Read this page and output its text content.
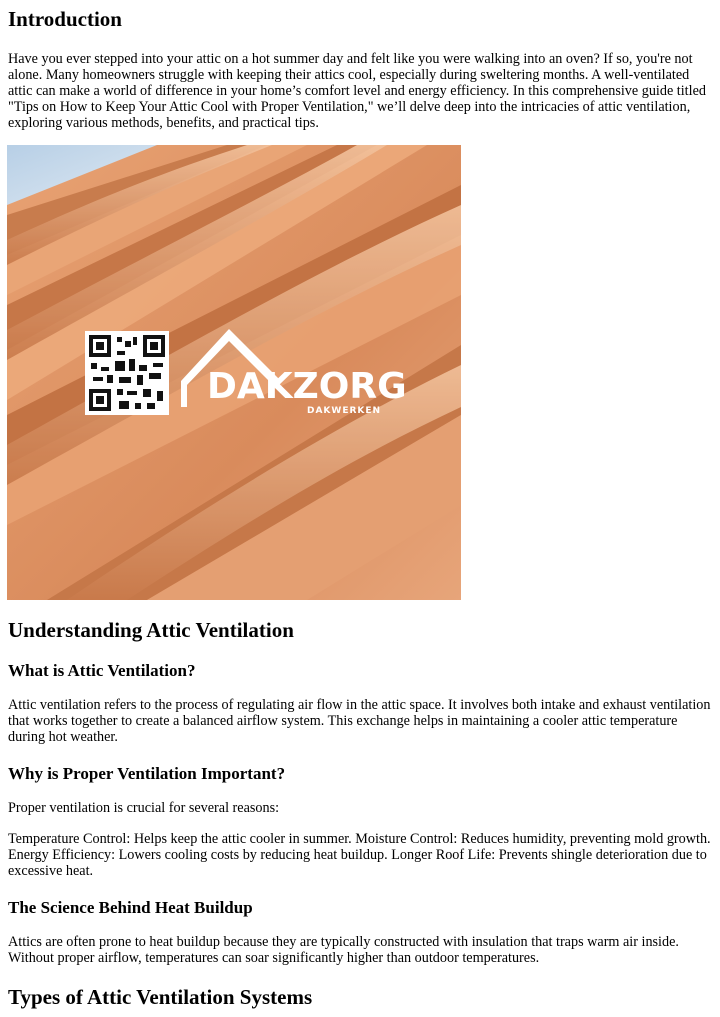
Introduction

Have you ever stepped into your attic on a hot summer day and felt like you were walking into an oven? If so, you're not alone. Many homeowners struggle with keeping their attics cool, especially during sweltering months. A well-ventilated attic can make a world of difference in your home’s comfort level and energy efficiency. In this comprehensive guide titled "Tips on How to Keep Your Attic Cool with Proper Ventilation," we’ll delve deep into the intricacies of attic ventilation, exploring various methods, benefits, and practical tips.

DAKZORG
DAKWERKEN
Understanding Attic Ventilation
What is Attic Ventilation?

Attic ventilation refers to the process of regulating air flow in the attic space. It involves both intake and exhaust ventilation that works together to create a balanced airflow system. This exchange helps in maintaining a cooler attic temperature during hot weather.

Why is Proper Ventilation Important?

Proper ventilation is crucial for several reasons:

Temperature Control: Helps keep the attic cooler in summer. Moisture Control: Reduces humidity, preventing mold growth. Energy Efficiency: Lowers cooling costs by reducing heat buildup. Longer Roof Life: Prevents shingle deterioration due to excessive heat.

The Science Behind Heat Buildup

Attics are often prone to heat buildup because they are typically constructed with insulation that traps warm air inside. Without proper airflow, temperatures can soar significantly higher than outdoor temperatures.

Types of Attic Ventilation Systems
